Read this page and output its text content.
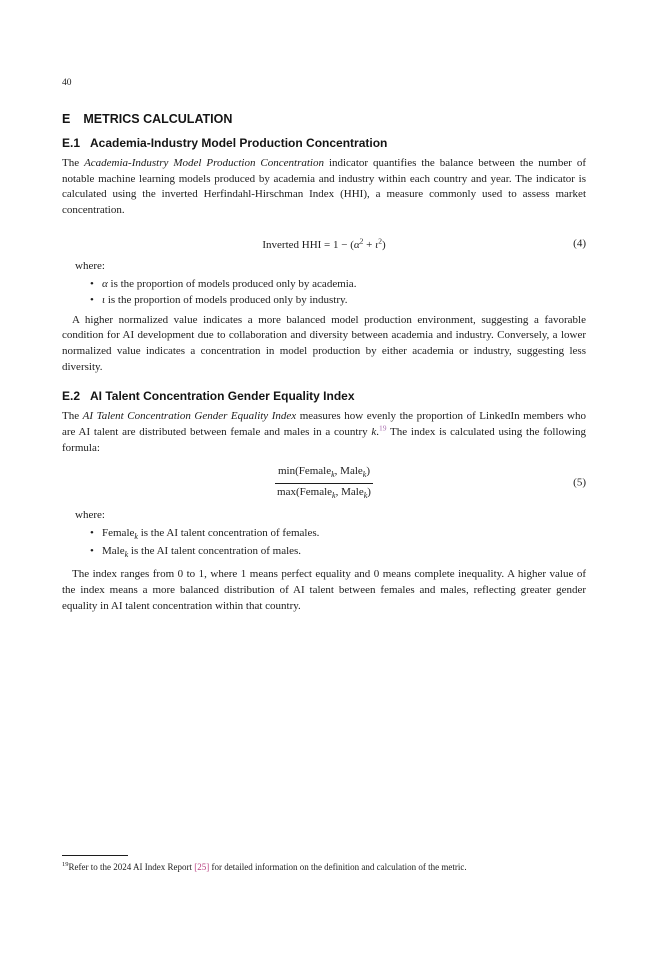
40
E METRICS CALCULATION
E.1 Academia-Industry Model Production Concentration

The Academia-Industry Model Production Concentration indicator quantifies the balance between the number of notable machine learning models produced by academia and industry within each country and year. The indicator is calculated using the inverted Herfindahl-Hirschman Index (HHI), a measure commonly used to assess market concentration.

Inverted HHI = $1 - (\alpha^2 + \iota^2)$	(4)
where:
• α is the proportion of models produced only by academia.
• ι is the proportion of models produced only by industry.

A higher normalized value indicates a more balanced model production environment, suggesting a favorable condition for AI development due to collaboration and diversity between academia and industry. Conversely, a lower normalized value indicates a concentration in model production by either academia or industry, suggesting less diversity.

E.2 AI Talent Concentration Gender Equality Index

The AI Talent Concentration Gender Equality Index measures how evenly the proportion of LinkedIn members who are AI talent are distributed between female and males in a country k.$^{19}$ The index is calculated using the following formula:

$\frac{\min(Female_k, Male_k)}{\max(Female_k, Male_k)}$	(5)
where:
• Female$_k$ is the AI talent concentration of females.
• Male$_k$ is the AI talent concentration of males.

The index ranges from 0 to 1, where 1 means perfect equality and 0 means complete inequality. A higher value of the index means a more balanced distribution of AI talent between females and males, reflecting greater gender equality in AI talent concentration within that country.

$^{19}$Refer to the 2024 AI Index Report [25] for detailed information on the definition and calculation of the metric.
